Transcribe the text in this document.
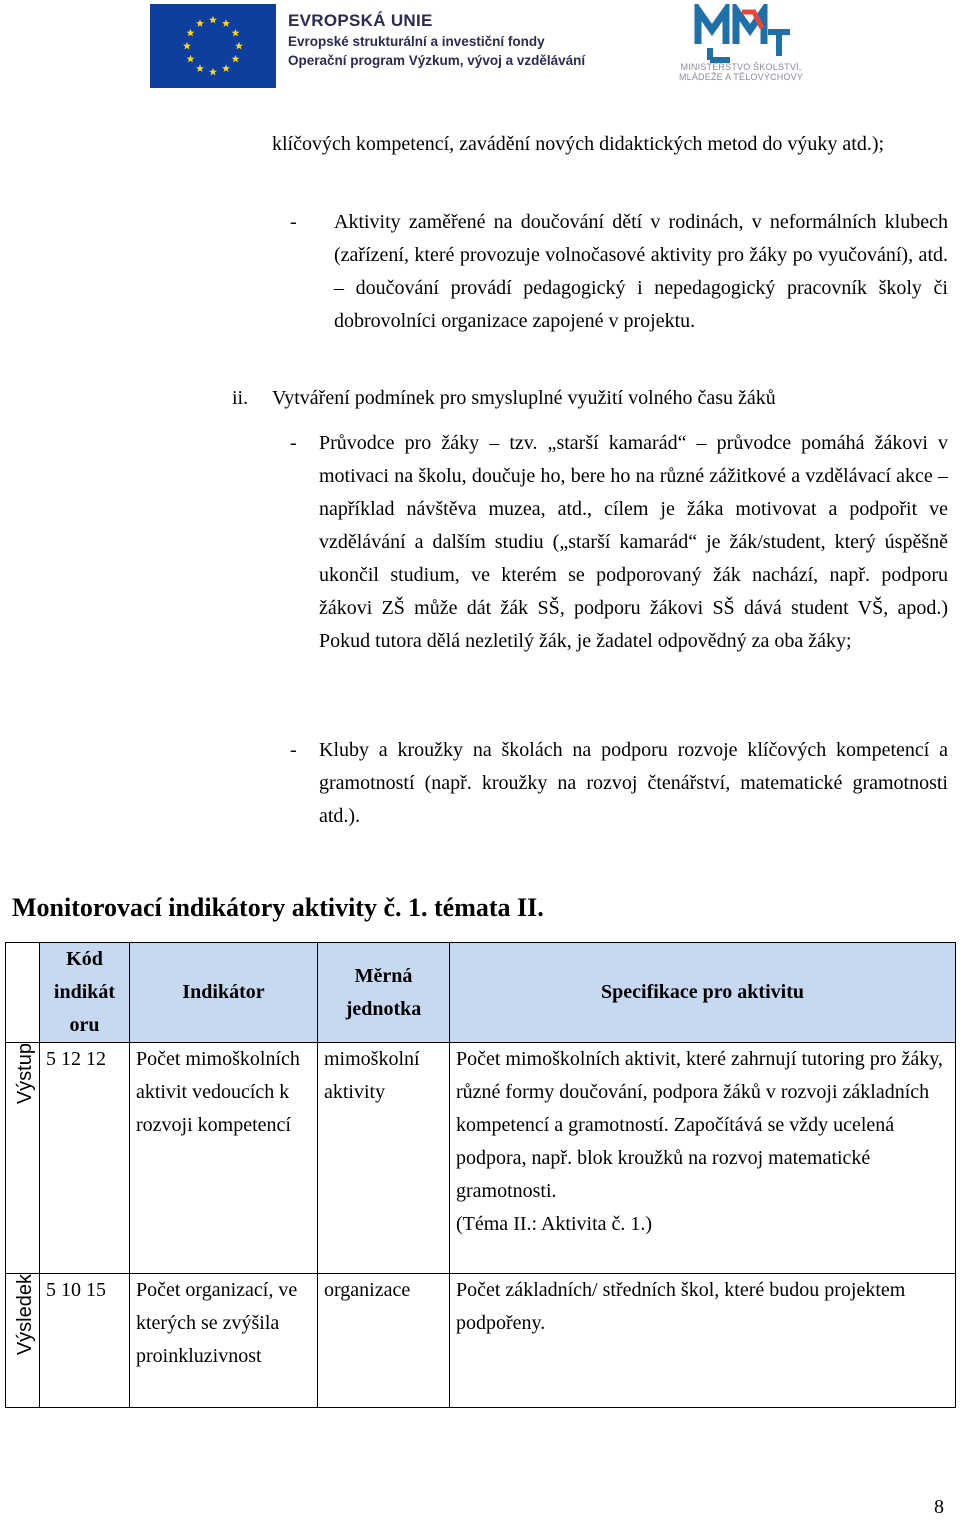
EVROPSKÁ UNIE
Evropské strukturální a investiční fondy
Operační program Výzkum, vývoj a vzdělávání	MINISTERSTVO ŠKOLSTVÍ,
MLÁDEŽE A TĚLOVÝCHOVY
klíčových kompetencí, zavádění nových didaktických metod do výuky atd.);
- Aktivity zaměřené na doučování dětí v rodinách, v neformálních klubech (zařízení, které provozuje volnočasové aktivity pro žáky po vyučování), atd. – doučování provádí pedagogický i nepedagogický pracovník školy či dobrovolníci organizace zapojené v projektu.
ii. Vytváření podmínek pro smysluplné využití volného času žáků
- Průvodce pro žáky – tzv. „starší kamarád“ – průvodce pomáhá žákovi v motivaci na školu, doučuje ho, bere ho na různé zážitkové a vzdělávací akce – například návštěva muzea, atd., cílem je žáka motivovat a podpořit ve vzdělávání a dalším studiu („starší kamarád“ je žák/student, který úspěšně ukončil studium, ve kterém se podporovaný žák nachází, např. podporu žákovi ZŠ může dát žák SŠ, podporu žákovi SŠ dává student VŠ, apod.) Pokud tutora dělá nezletilý žák, je žadatel odpovědný za oba žáky;
- Kluby a kroužky na školách na podporu rozvoje klíčových kompetencí a gramotností (např. kroužky na rozvoj čtenářství, matematické gramotnosti atd.).
Monitorovací indikátory aktivity č. 1. témata II.
	Kód indikát oru	Indikátor	Měrná jednotka	Specifikace pro aktivitu

Výstup	5 12 12	Počet mimoškolních aktivit vedoucích k rozvoji kompetencí	mimoškolní aktivity	Počet mimoškolních aktivit, které zahrnují tutoring pro žáky, různé formy doučování, podpora žáků v rozvoji základních kompetencí a gramotností. Započítává se vždy ucelená podpora, např. blok kroužků na rozvoj matematické gramotnosti.
(Téma II.: Aktivita č. 1.)

Výsledek	5 10 15	Počet organizací, ve kterých se zvýšila proinkluzivnost	organizace	Počet základních/ středních škol, které budou projektem podpořeny.
8
